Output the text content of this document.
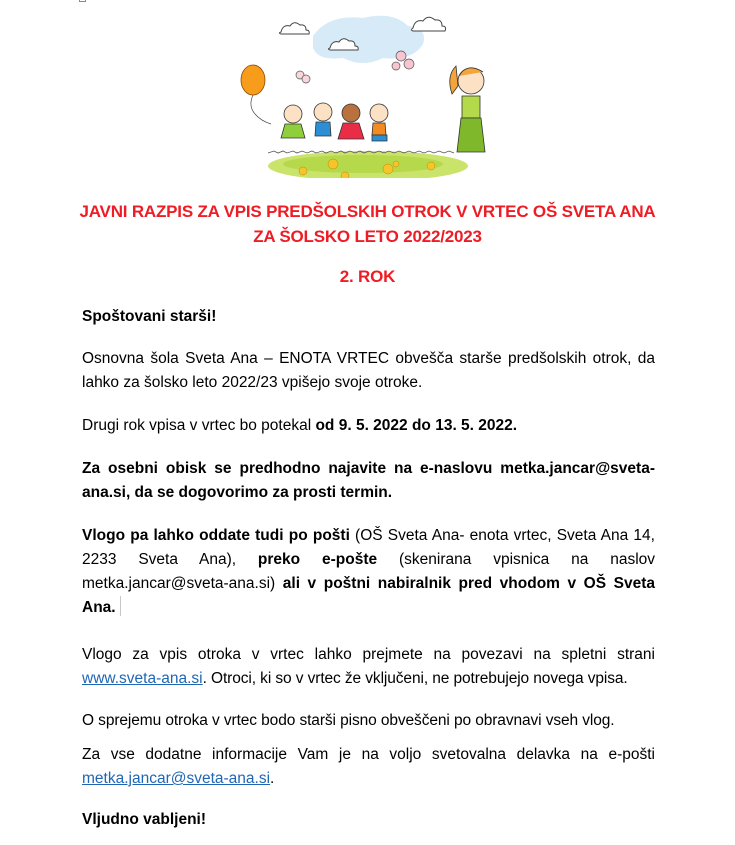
JAVNI RAZPIS ZA VPIS PREDŠOLSKIH OTROK V VRTEC OŠ SVETA ANA
ZA ŠOLSKO LETO 2022/2023
2. ROK
Spoštovani starši!
Osnovna šola Sveta Ana – ENOTA VRTEC obvešča starše predšolskih otrok, da lahko za šolsko leto 2022/23 vpišejo svoje otroke.
Drugi rok vpisa v vrtec bo potekal od 9. 5. 2022 do 13. 5. 2022.
Za osebni obisk se predhodno najavite na e-naslovu metka.jancar@sveta-ana.si, da se dogovorimo za prosti termin.
Vlogo pa lahko oddate tudi po pošti (OŠ Sveta Ana- enota vrtec, Sveta Ana 14, 2233 Sveta Ana), preko e-pošte (skenirana vpisnica na naslov metka.jancar@sveta-ana.si) ali v poštni nabiralnik pred vhodom v OŠ Sveta Ana.
Vlogo za vpis otroka v vrtec lahko prejmete na povezavi na spletni strani www.sveta-ana.si. Otroci, ki so v vrtec že vključeni, ne potrebujejo novega vpisa.
O sprejemu otroka v vrtec bodo starši pisno obveščeni po obravnavi vseh vlog.
Za vse dodatne informacije Vam je na voljo svetovalna delavka na e-pošti metka.jancar@sveta-ana.si.
Vljudno vabljeni!
